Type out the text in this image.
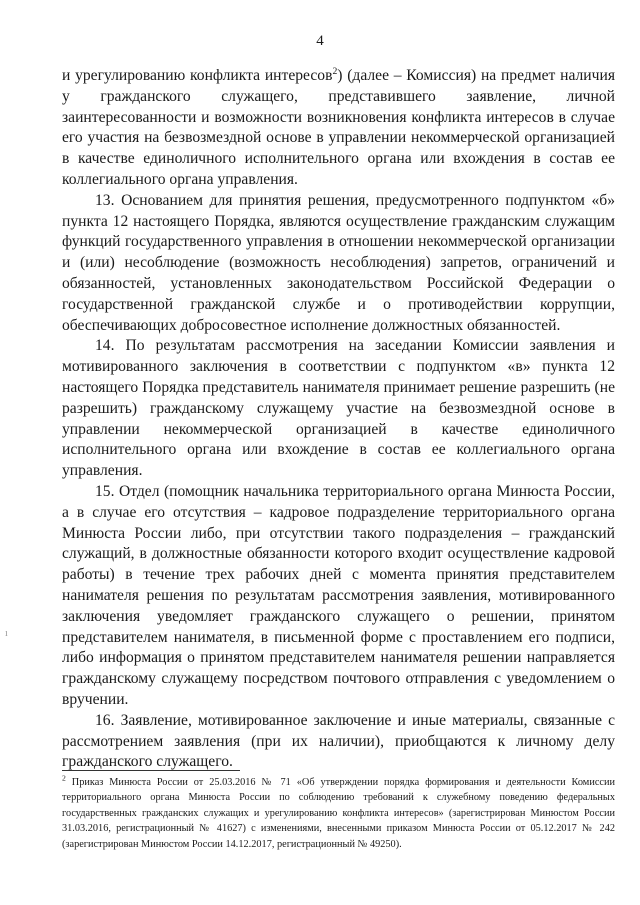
4

и урегулированию конфликта интересов$^2$) (далее – Комиссия) на предмет наличия у гражданского служащего, представившего заявление, личной заинтересованности и возможности возникновения конфликта интересов в случае его участия на безвозмездной основе в управлении некоммерческой организацией в качестве единоличного исполнительного органа или вхождения в состав ее коллегиального органа управления.

13. Основанием для принятия решения, предусмотренного подпунктом «б» пункта 12 настоящего Порядка, являются осуществление гражданским служащим функций государственного управления в отношении некоммерческой организации и (или) несоблюдение (возможность несоблюдения) запретов, ограничений и обязанностей, установленных законодательством Российской Федерации о государственной гражданской службе и о противодействии коррупции, обеспечивающих добросовестное исполнение должностных обязанностей.

14. По результатам рассмотрения на заседании Комиссии заявления и мотивированного заключения в соответствии с подпунктом «в» пункта 12 настоящего Порядка представитель нанимателя принимает решение разрешить (не разрешить) гражданскому служащему участие на безвозмездной основе в управлении некоммерческой организацией в качестве единоличного исполнительного органа или вхождение в состав ее коллегиального органа управления.

15. Отдел (помощник начальника территориального органа Минюста России, а в случае его отсутствия – кадровое подразделение территориального органа Минюста России либо, при отсутствии такого подразделения – гражданский служащий, в должностные обязанности которого входит осуществление кадровой работы) в течение трех рабочих дней с момента принятия представителем нанимателя решения по результатам рассмотрения заявления, мотивированного заключения уведомляет гражданского служащего о решении, принятом представителем нанимателя, в письменной форме с проставлением его подписи, либо информация о принятом представителем нанимателя решении направляется гражданскому служащему посредством почтового отправления с уведомлением о вручении.

16. Заявление, мотивированное заключение и иные материалы, связанные с рассмотрением заявления (при их наличии), приобщаются к личному делу гражданского служащего.

$^2$ Приказ Минюста России от 25.03.2016 № 71 «Об утверждении порядка формирования и деятельности Комиссии территориального органа Минюста России по соблюдению требований к служебному поведению федеральных государственных гражданских служащих и урегулированию конфликта интересов» (зарегистрирован Минюстом России 31.03.2016, регистрационный № 41627) с изменениями, внесенными приказом Минюста России от 05.12.2017 № 242 (зарегистрирован Минюстом России 14.12.2017, регистрационный № 49250).

ı
